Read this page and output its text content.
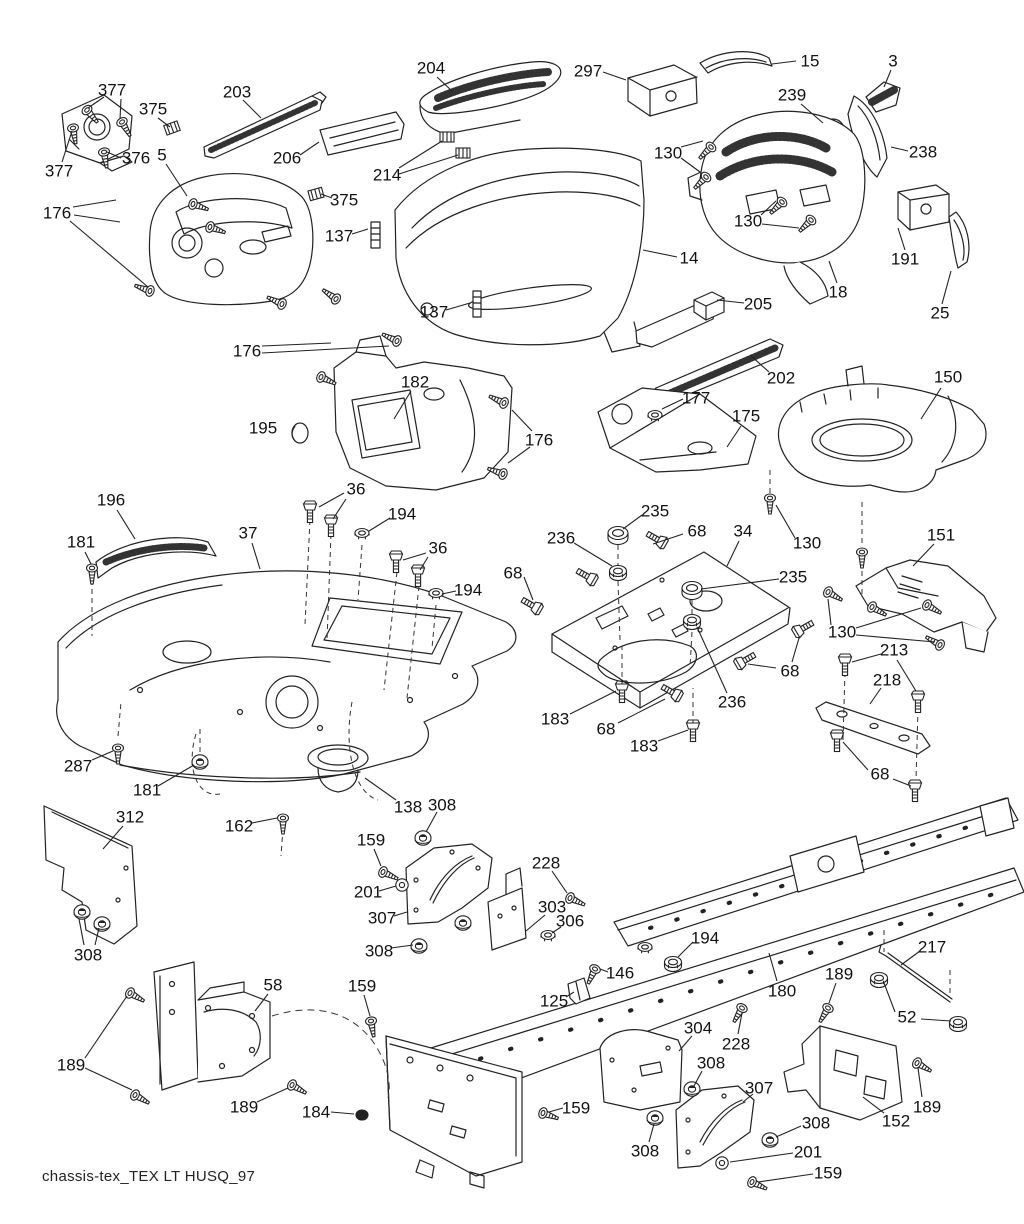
377	203
375
204	297
15	3
239
5
376
377
238
130
206
214
375
176	130
137
14	191
18
137	25
205
176
202
182
177
175
150
195
176
36
196
235
194
68 34	151
236
181	37
130
36
68	235
194
130
213
218
68
236
183
68
183
68
287
181
312	162
138 308
159
228
201
303
307	306
194
308
308
146	189
217
180
58	159
125
52
304
228
189	308
307
189	184	159	189
152
308
308	201
159
chassis-tex_TEX LT HUSQ_97
